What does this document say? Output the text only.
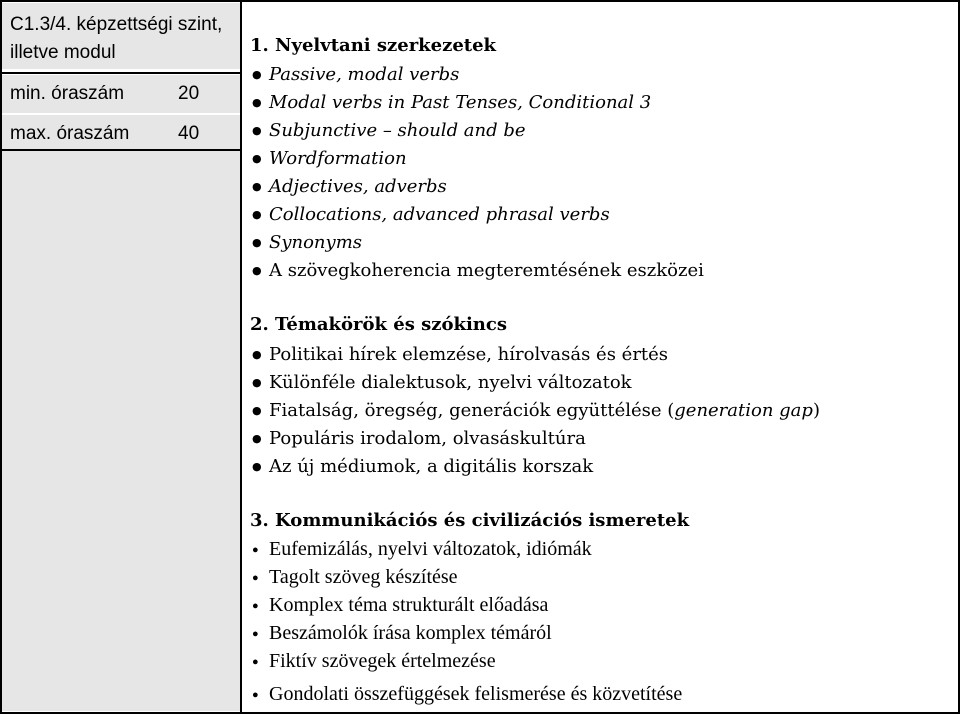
C1.3/4. képzettségi szint, illetve modul
min. óraszám	20
max. óraszám	40
1. Nyelvtani szerkezetek
●Passive, modal verbs
●Modal verbs in Past Tenses, Conditional 3
●Subjunctive – should and be
●Wordformation
●Adjectives, adverbs
●Collocations, advanced phrasal verbs
●Synonyms
●A szövegkoherencia megteremtésének eszközei
2. Témakörök és szókincs
●Politikai hírek elemzése, hírolvasás és értés
●Különféle dialektusok, nyelvi változatok
●Fiatalság, öregség, generációk együttélése (generation gap)
●Populáris irodalom, olvasáskultúra
●Az új médiumok, a digitális korszak
3. Kommunikációs és civilizációs ismeretek
●Eufemizálás, nyelvi változatok, idiómák
●Tagolt szöveg készítése
●Komplex téma strukturált előadása
●Beszámolók írása komplex témáról
●Fiktív szövegek értelmezése
●Gondolati összefüggések felismerése és közvetítése
